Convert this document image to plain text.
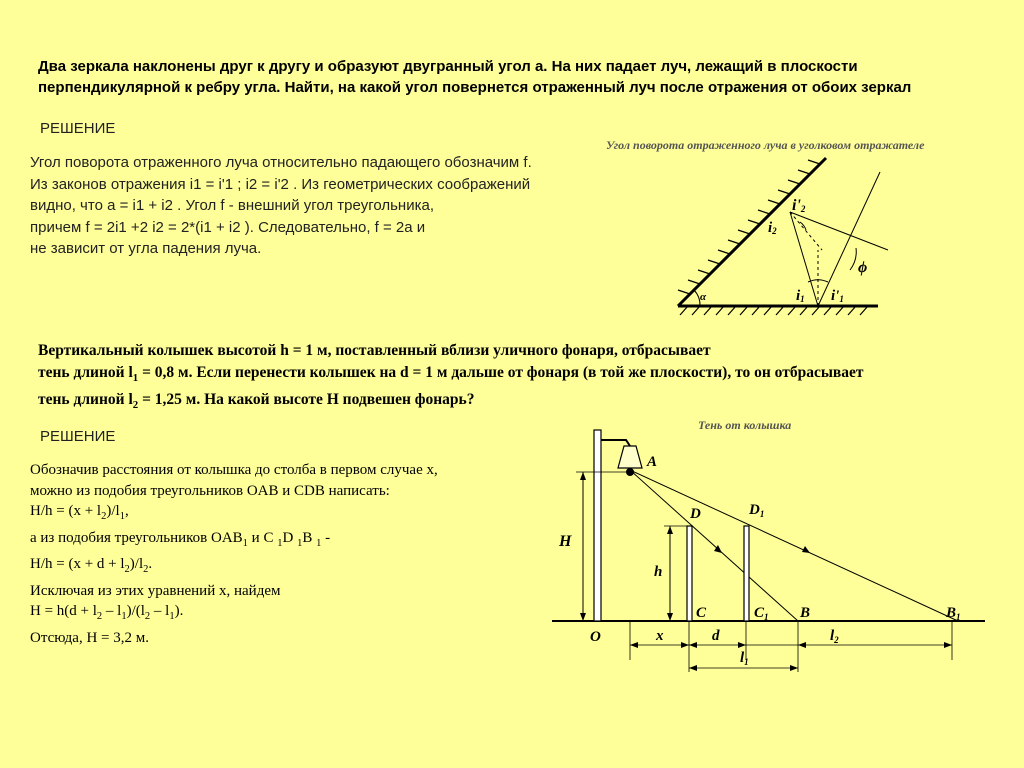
Два зеркала наклонены друг к другу и образуют двугранный угол а. На них падает луч, лежащий в плоскости
перпендикулярной к ребру угла. Найти, на какой угол повернется отраженный луч после отражения от обоих зеркал
РЕШЕНИЕ
Угол поворота отраженного луча относительно падающего обозначим f.
Из законов отражения i1 = i'1 ; i2 = i'2 . Из геометрических соображений
видно, что а = i1 + i2 . Угол f - внешний угол треугольника,
причем f = 2i1 +2 i2 = 2*(i1 + i2 ). Следовательно, f = 2a и
не зависит от угла падения луча.
Угол поворота отраженного луча в уголковом отражателе
α	i1 i'1
i2
i'2
ϕ
Вертикальный колышек высотой h = 1 м, поставленный вблизи уличного фонаря, отбрасывает
тень длиной $l_1 = 0,8$ м. Если перенести колышек на d = 1 м дальше от фонаря (в той же плоскости), то он отбрасывает
тень длиной $l_2 = 1,25$ м. На какой высоте H подвешен фонарь?
РЕШЕНИЕ
Обозначив расстояния от колышка до столба в первом случае x,
можно из подобия треугольников OAB и CDB написать:
$H/h = (x + l_2)/l_1$,
а из подобия треугольников $OAB_1$ и C $_1$D $_1$B $_1$ -
$H/h = (x + d + l_2)/l_2$.
Исключая из этих уравнений x, найдем
$H = h(d + l_2 - l_1)/(l_2 - l_1)$.
Отсюда, H = 3,2 м.
Тень от колышка
A
H
D	$D_1$
h
C	$C_1$ B	$B_1$
O	x	d	$l_2$
$l_1$
